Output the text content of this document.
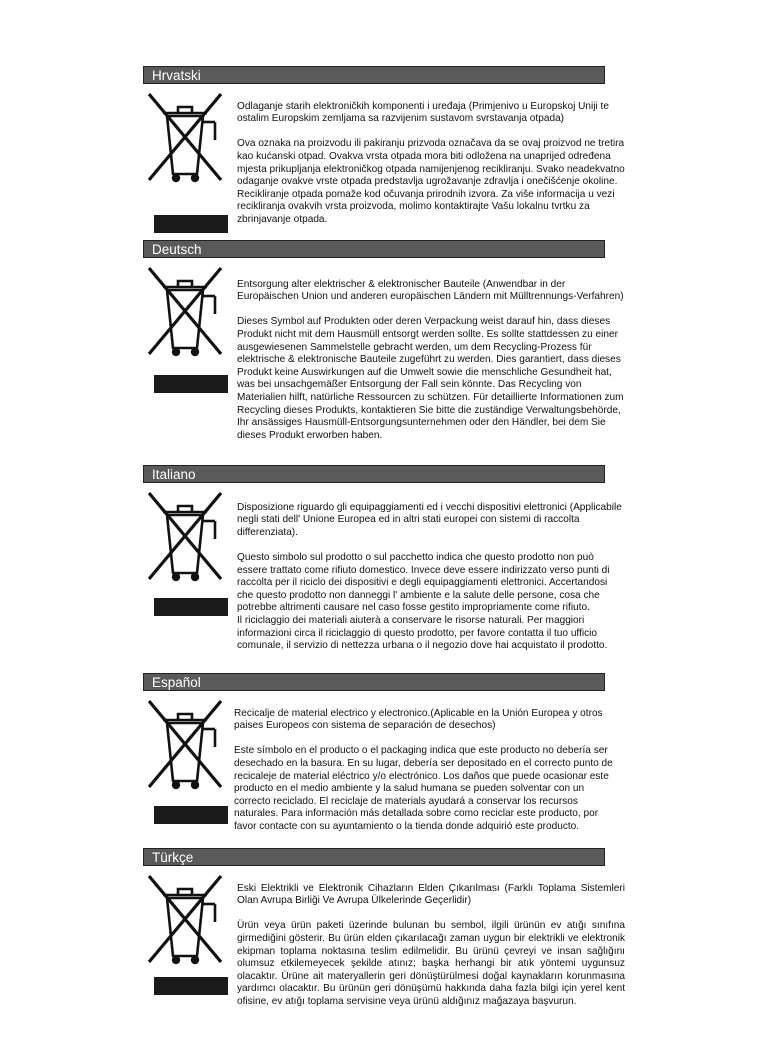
Hrvatski

Odlaganje starih elektroničkih komponenti i uređaja (Primjenivo u Europskoj Uniji te ostalim Europskim zemljama sa razvijenim sustavom svrstavanja otpada)

Ova oznaka na proizvodu ili pakiranju prizvoda označava da se ovaj proizvod ne tretira kao kućanski otpad. Ovakva vrsta otpada mora biti odložena na unaprijed određena mjesta prikupljanja elektroničkog otpada namijenjenog recikliranju. Svako neadekvatno odaganje ovakve vrste otpada predstavlja ugrožavanje zdravlja i onečišćenje okoline. Recikliranje otpada pomaže kod očuvanja prirodnih izvora. Za više informacija u vezi recikliranja ovakvih vrsta proizvoda, molimo kontaktirajte Vašu lokalnu tvrtku za zbrinjavanje otpada.

Deutsch

Entsorgung alter elektrischer & elektronischer Bauteile (Anwendbar in der Europäischen Union und anderen europäischen Ländern mit Mülltrennungs-Verfahren)

Dieses Symbol auf Produkten oder deren Verpackung weist darauf hin, dass dieses Produkt nicht mit dem Hausmüll entsorgt werden sollte. Es sollte stattdessen zu einer ausgewiesenen Sammelstelle gebracht werden, um dem Recycling-Prozess für elektrische & elektronische Bauteile zugeführt zu werden. Dies garantiert, dass dieses Produkt keine Auswirkungen auf die Umwelt sowie die menschliche Gesundheit hat, was bei unsachgemäßer Entsorgung der Fall sein könnte. Das Recycling von Materialien hilft, natürliche Ressourcen zu schützen. Für detaillierte Informationen zum Recycling dieses Produkts, kontaktieren Sie bitte die zuständige Verwaltungsbehörde, Ihr ansässiges Hausmüll-Entsorgungsunternehmen oder den Händler, bei dem Sie dieses Produkt erworben haben.

Italiano

Disposizione riguardo gli equipaggiamenti ed i vecchi dispositivi elettronici (Applicabile negli stati dell' Unione Europea ed in altri stati europei con sistemi di raccolta differenziata).

Questo simbolo sul prodotto o sul pacchetto indica che questo prodotto non può essere trattato come rifiuto domestico. Invece deve essere indirizzato verso punti di raccolta per il riciclo dei dispositivi e degli equipaggiamenti elettronici. Accertandosi che questo prodotto non danneggi l' ambiente e la salute delle persone, cosa che potrebbe altrimenti causare nel caso fosse gestito impropriamente come rifiuto.
Il riciclaggio dei materiali aiuterà a conservare le risorse naturali. Per maggiori informazioni circa il riciclaggio di questo prodotto, per favore contatta il tuo ufficio comunale, il servizio di nettezza urbana o il negozio dove hai acquistato il prodotto.

Español

Recicalje de material electrico y electronico.(Aplicable en la Unión Europea y otros paises Europeos con sistema de separación de desechos)

Este símbolo en el producto o el packaging indica que este producto no debería ser desechado en la basura. En su lugar, debería ser depositado en el correcto punto de recicaleje de material eléctrico y/o electrónico. Los daños que puede ocasionar este producto en el medio ambiente y la salud humana se pueden solventar con un correcto reciclado. El reciclaje de materials ayudará a conservar los recursos naturales. Para información más detallada sobre como reciclar este producto, por favor contacte con su ayuntamiento o la tienda donde adquirió este producto.

Türkçe

Eski Elektrikli ve Elektronik Cihazların Elden Çıkarılması (Farklı Toplama Sistemleri Olan Avrupa Birliği Ve Avrupa Ülkelerinde Geçerlidir)

Ürün veya ürün paketi üzerinde bulunan bu sembol, ilgili ürünün ev atığı sınıfına girmediğini gösterir. Bu ürün elden çıkarılacağı zaman uygun bir elektrikli ve elektronik ekipman toplama noktasına teslim edilmelidir. Bu ürünü çevreyi ve insan sağlığını olumsuz etkilemeyecek şekilde atınız; başka herhangi bir atık yöntemi uygunsuz olacaktır. Ürüne ait materyallerin geri dönüştürülmesi doğal kaynakların korunmasına yardımcı olacaktır. Bu ürünün geri dönüşümü hakkında daha fazla bilgi için yerel kent ofisine, ev atığı toplama servisine veya ürünü aldığınız mağazaya başvurun.
